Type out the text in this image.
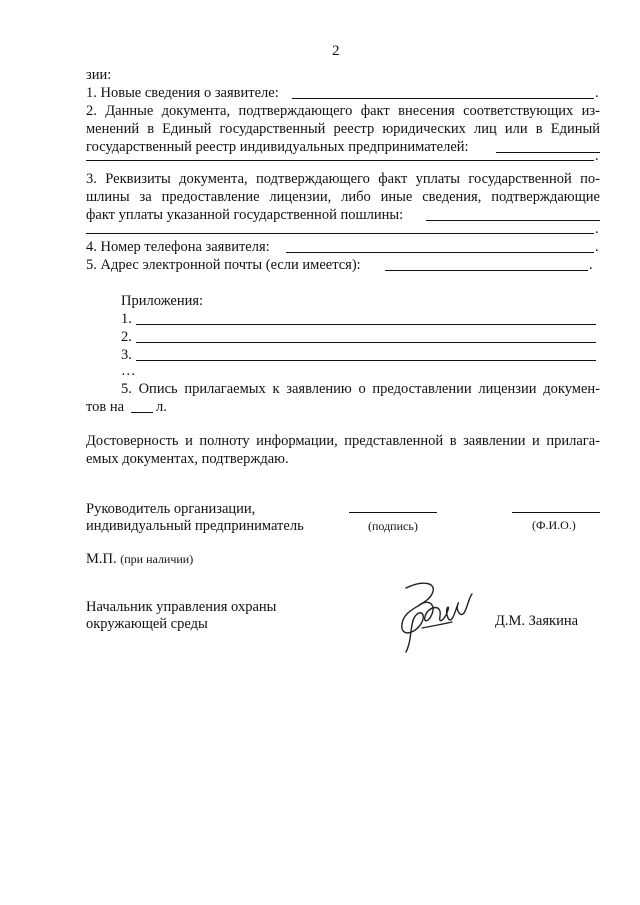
2
зии:
1. Новые сведения о заявителе:	.
2. Данные документа, подтверждающего факт внесения соответствующих из-
менений в Единый государственный реестр юридических лиц или в Единый
государственный реестр индивидуальных предпринимателей:
.
3. Реквизиты документа, подтверждающего факт уплаты государственной по-
шлины за предоставление лицензии, либо иные сведения, подтверждающие
факт уплаты указанной государственной пошлины:
.
4. Номер телефона заявителя:	.
5. Адрес электронной почты (если имеется):	.
Приложения:
1.
2.
3.
…
5. Опись прилагаемых к заявлению о предоставлении лицензии докумен-
тов на л.
Достоверность и полноту информации, представленной в заявлении и прилага-
емых документах, подтверждаю.
Руководитель организации,
индивидуальный предприниматель	(подпись)	(Ф.И.О.)
М.П. (при наличии)
Начальник управления охраны
окружающей среды	Д.М. Заякина
